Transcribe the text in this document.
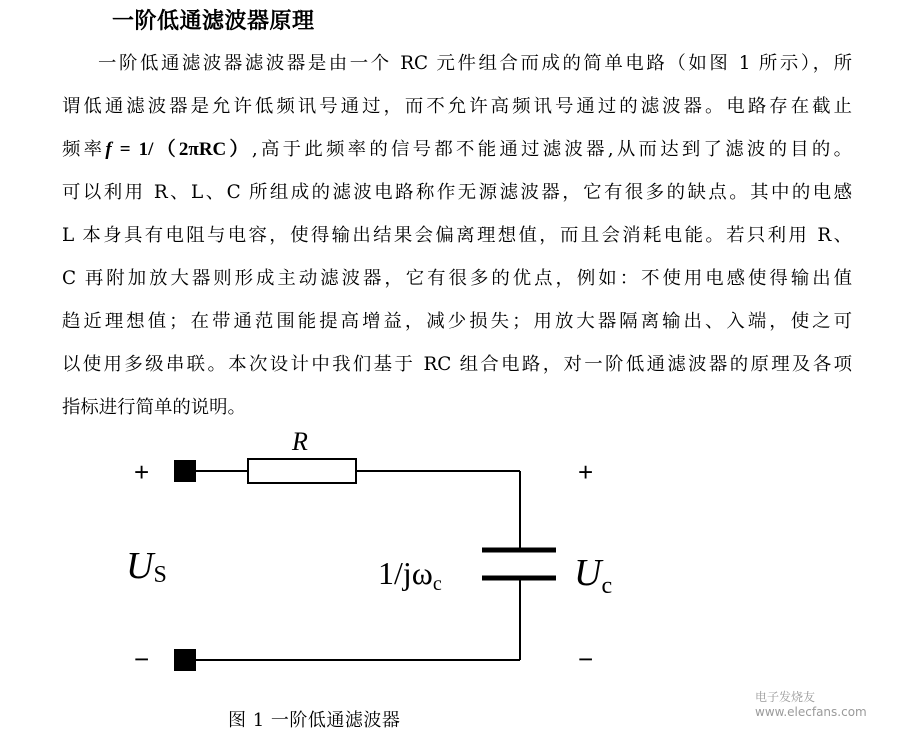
一阶低通滤波器原理
一阶低通滤波器滤波器是由一个 RC 元件组合而成的简单电路（如图 1 所示），所
谓低通滤波器是允许低频讯号通过，而不允许高频讯号通过的滤波器。电路存在截止
频率f = 1/（2πRC）,高于此频率的信号都不能通过滤波器,从而达到了滤波的目的。
可以利用 R、L、C 所组成的滤波电路称作无源滤波器，它有很多的缺点。其中的电感
L 本身具有电阻与电容，使得输出结果会偏离理想值，而且会消耗电能。若只利用 R、
C 再附加放大器则形成主动滤波器，它有很多的优点，例如：不使用电感使得输出值
趋近理想值；在带通范围能提高增益，减少损失；用放大器隔离输出、入端，使之可
以使用多级串联。本次设计中我们基于 RC 组合电路，对一阶低通滤波器的原理及各项
指标进行简单的说明。
R
+
−
+
−
US	$U_c$
1/jωc
图 1 一阶低通滤波器
电子发烧友 www.elecfans.com
